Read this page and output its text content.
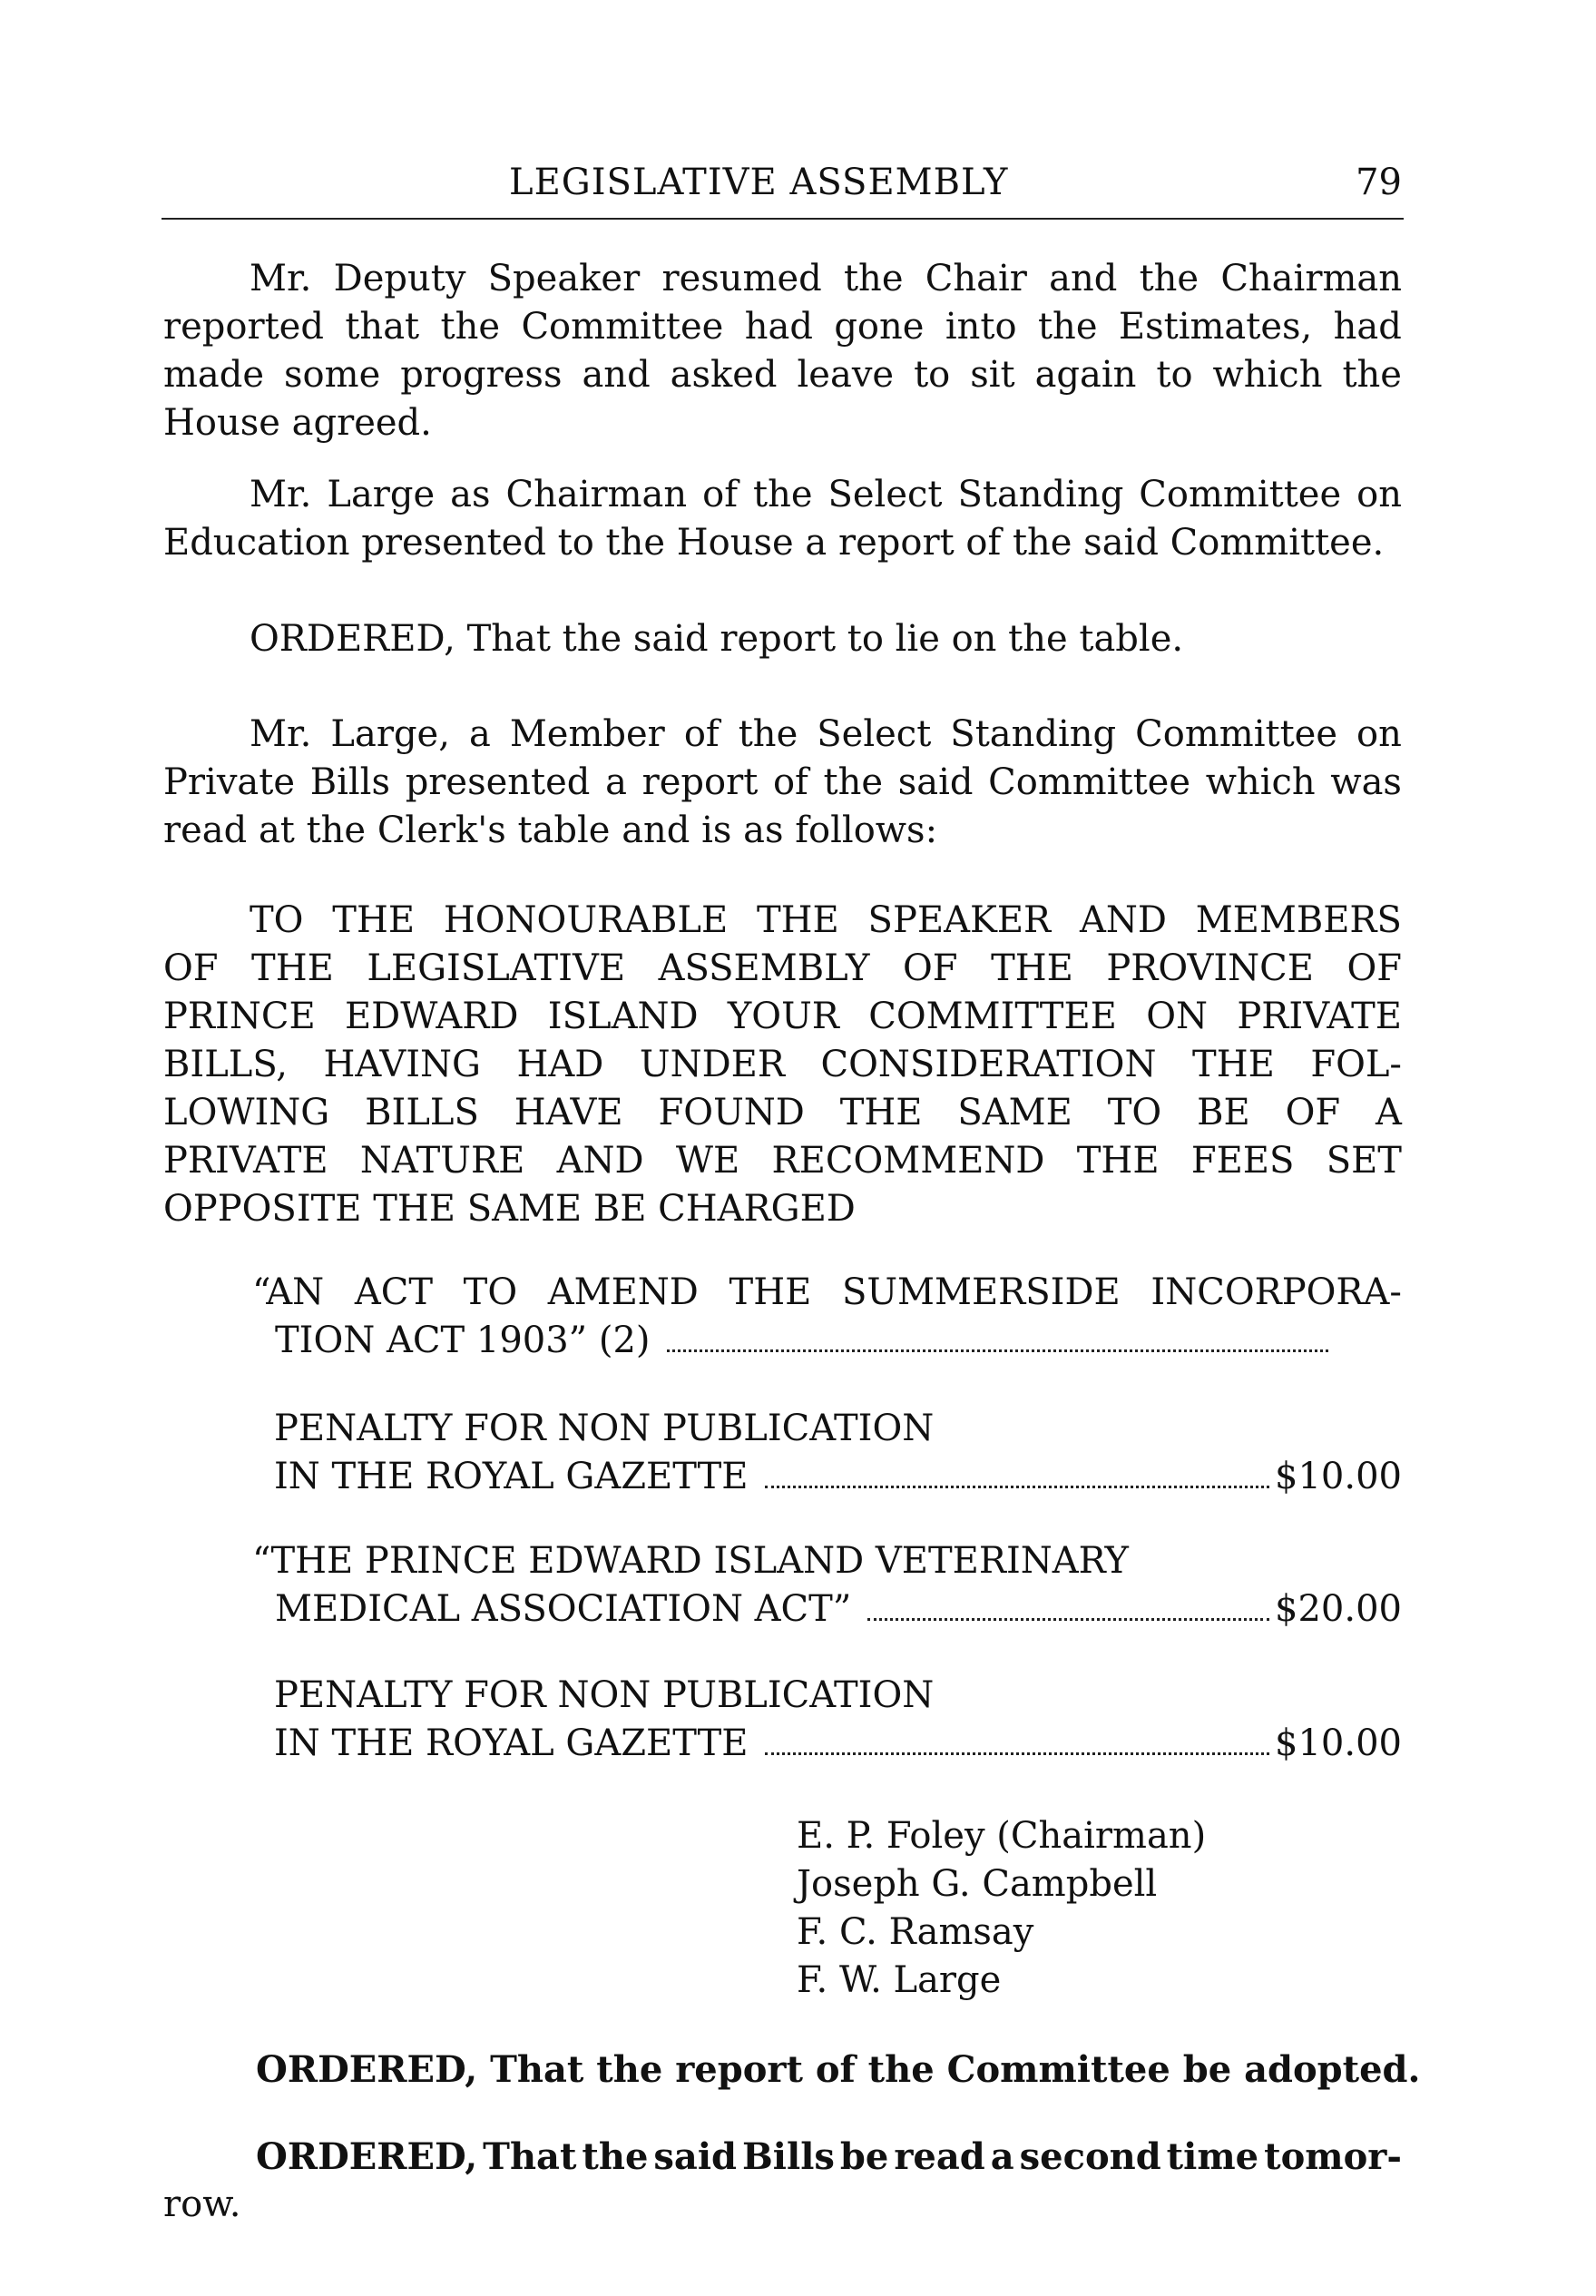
LEGISLATIVE ASSEMBLY	79
Mr. Deputy Speaker resumed the Chair and the Chairman
reported that the Committee had gone into the Estimates, had
made some progress and asked leave to sit again to which the
House agreed.
Mr. Large as Chairman of the Select Standing Committee on
Education presented to the House a report of the said Committee.
ORDERED, That the said report to lie on the table.
Mr. Large, a Member of the Select Standing Committee on
Private Bills presented a report of the said Committee which was
read at the Clerk's table and is as follows:
TO THE HONOURABLE THE SPEAKER AND MEMBERS
OF THE LEGISLATIVE ASSEMBLY OF THE PROVINCE OF
PRINCE EDWARD ISLAND YOUR COMMITTEE ON PRIVATE
BILLS, HAVING HAD UNDER CONSIDERATION THE FOL-
LOWING BILLS HAVE FOUND THE SAME TO BE OF A
PRIVATE NATURE AND WE RECOMMEND THE FEES SET
OPPOSITE THE SAME BE CHARGED
“AN ACT TO AMEND THE SUMMERSIDE INCORPORA-
TION ACT 1903” (2)
PENALTY FOR NON PUBLICATION
IN THE ROYAL GAZETTE	$10.00
“THE PRINCE EDWARD ISLAND VETERINARY
MEDICAL ASSOCIATION ACT”	$20.00
PENALTY FOR NON PUBLICATION
IN THE ROYAL GAZETTE	$10.00
E. P. Foley (Chairman)
Joseph G. Campbell
F. C. Ramsay
F. W. Large
ORDERED, That the report of the Committee be adopted.
ORDERED, That the said Bills be read a second time tomor-
row.
